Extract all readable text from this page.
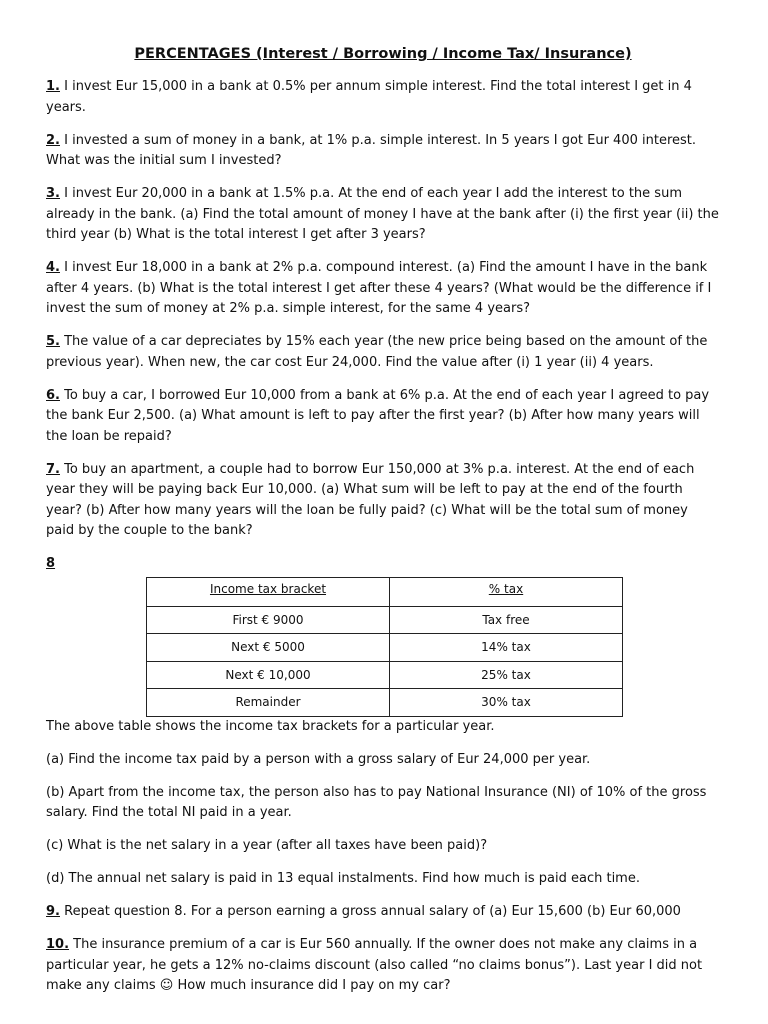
PERCENTAGES (Interest / Borrowing / Income Tax/ Insurance)

1. I invest Eur 15,000 in a bank at 0.5% per annum simple interest. Find the total interest I get in 4 years.

2. I invested a sum of money in a bank, at 1% p.a. simple interest. In 5 years I got Eur 400 interest. What was the initial sum I invested?

3. I invest Eur 20,000 in a bank at 1.5% p.a. At the end of each year I add the interest to the sum already in the bank. (a) Find the total amount of money I have at the bank after (i) the first year (ii) the third year (b) What is the total interest I get after 3 years?

4. I invest Eur 18,000 in a bank at 2% p.a. compound interest. (a) Find the amount I have in the bank after 4 years. (b) What is the total interest I get after these 4 years? (What would be the difference if I invest the sum of money at 2% p.a. simple interest, for the same 4 years?

5. The value of a car depreciates by 15% each year (the new price being based on the amount of the previous year). When new, the car cost Eur 24,000. Find the value after (i) 1 year (ii) 4 years.

6. To buy a car, I borrowed Eur 10,000 from a bank at 6% p.a. At the end of each year I agreed to pay the bank Eur 2,500. (a) What amount is left to pay after the first year? (b) After how many years will the loan be repaid?

7. To buy an apartment, a couple had to borrow Eur 150,000 at 3% p.a. interest. At the end of each year they will be paying back Eur 10,000. (a) What sum will be left to pay at the end of the fourth year? (b) After how many years will the loan be fully paid? (c) What will be the total sum of money paid by the couple to the bank?

8
Income tax bracket	% tax
First € 9000	Tax free
Next € 5000	14% tax
Next € 10,000	25% tax
Remainder	30% tax

The above table shows the income tax brackets for a particular year.

(a) Find the income tax paid by a person with a gross salary of Eur 24,000 per year.

(b) Apart from the income tax, the person also has to pay National Insurance (NI) of 10% of the gross salary. Find the total NI paid in a year.

(c) What is the net salary in a year (after all taxes have been paid)?

(d) The annual net salary is paid in 13 equal instalments. Find how much is paid each time.

9. Repeat question 8. For a person earning a gross annual salary of (a) Eur 15,600 (b) Eur 60,000

10. The insurance premium of a car is Eur 560 annually. If the owner does not make any claims in a particular year, he gets a 12% no-claims discount (also called “no claims bonus”). Last year I did not make any claims ☺ How much insurance did I pay on my car?
